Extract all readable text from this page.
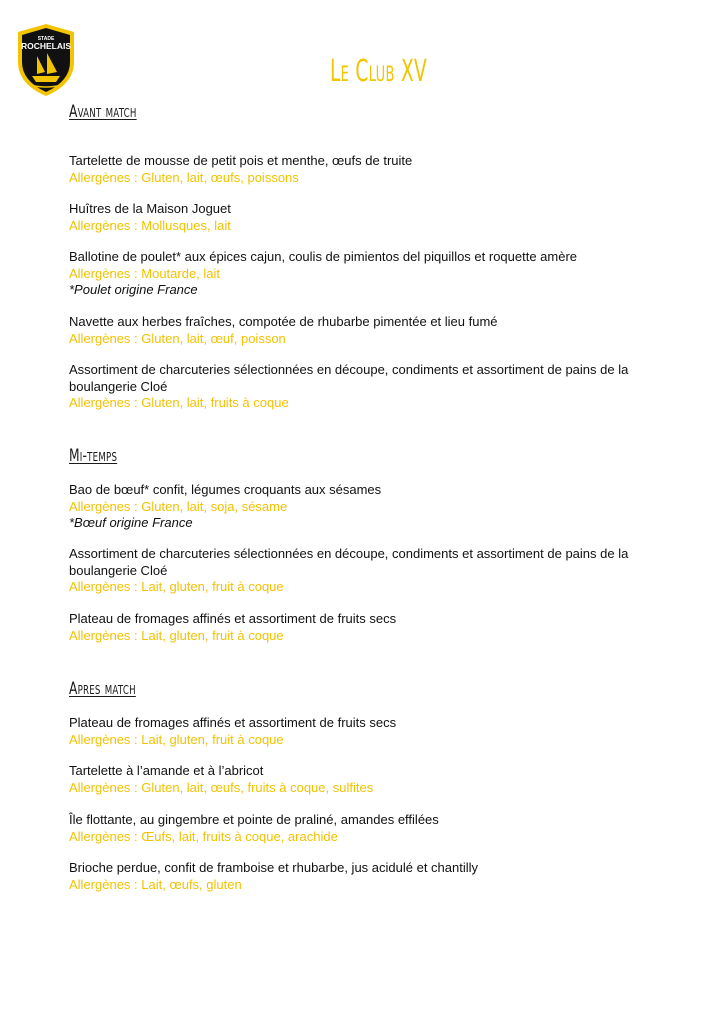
STADE
ROCHELAIS
Le Club XV
Avant match
Tartelette de mousse de petit pois et menthe, œufs de truite
Allergènes : Gluten, lait, œufs, poissons
Huîtres de la Maison Joguet
Allergènes : Mollusques, lait
Ballotine de poulet* aux épices cajun, coulis de pimientos del piquillos et roquette amère
Allergènes : Moutarde, lait
*Poulet origine France
Navette aux herbes fraîches, compotée de rhubarbe pimentée et lieu fumé
Allergènes : Gluten, lait, œuf, poisson
Assortiment de charcuteries sélectionnées en découpe, condiments et assortiment de pains de la boulangerie Cloé
Allergènes : Gluten, lait, fruits à coque
Mi-temps
Bao de bœuf* confit, légumes croquants aux sésames
Allergènes : Gluten, lait, soja, sésame
*Bœuf origine France
Assortiment de charcuteries sélectionnées en découpe, condiments et assortiment de pains de la boulangerie Cloé
Allergènes : Lait, gluten, fruit à coque
Plateau de fromages affinés et assortiment de fruits secs
Allergènes : Lait, gluten, fruit à coque
Apres match
Plateau de fromages affinés et assortiment de fruits secs
Allergènes : Lait, gluten, fruit à coque
Tartelette à l’amande et à l’abricot
Allergènes : Gluten, lait, œufs, fruits à coque, sulfites
Île flottante, au gingembre et pointe de praliné, amandes effilées
Allergènes : Œufs, lait, fruits à coque, arachide
Brioche perdue, confit de framboise et rhubarbe, jus acidulé et chantilly
Allergènes : Lait, œufs, gluten
